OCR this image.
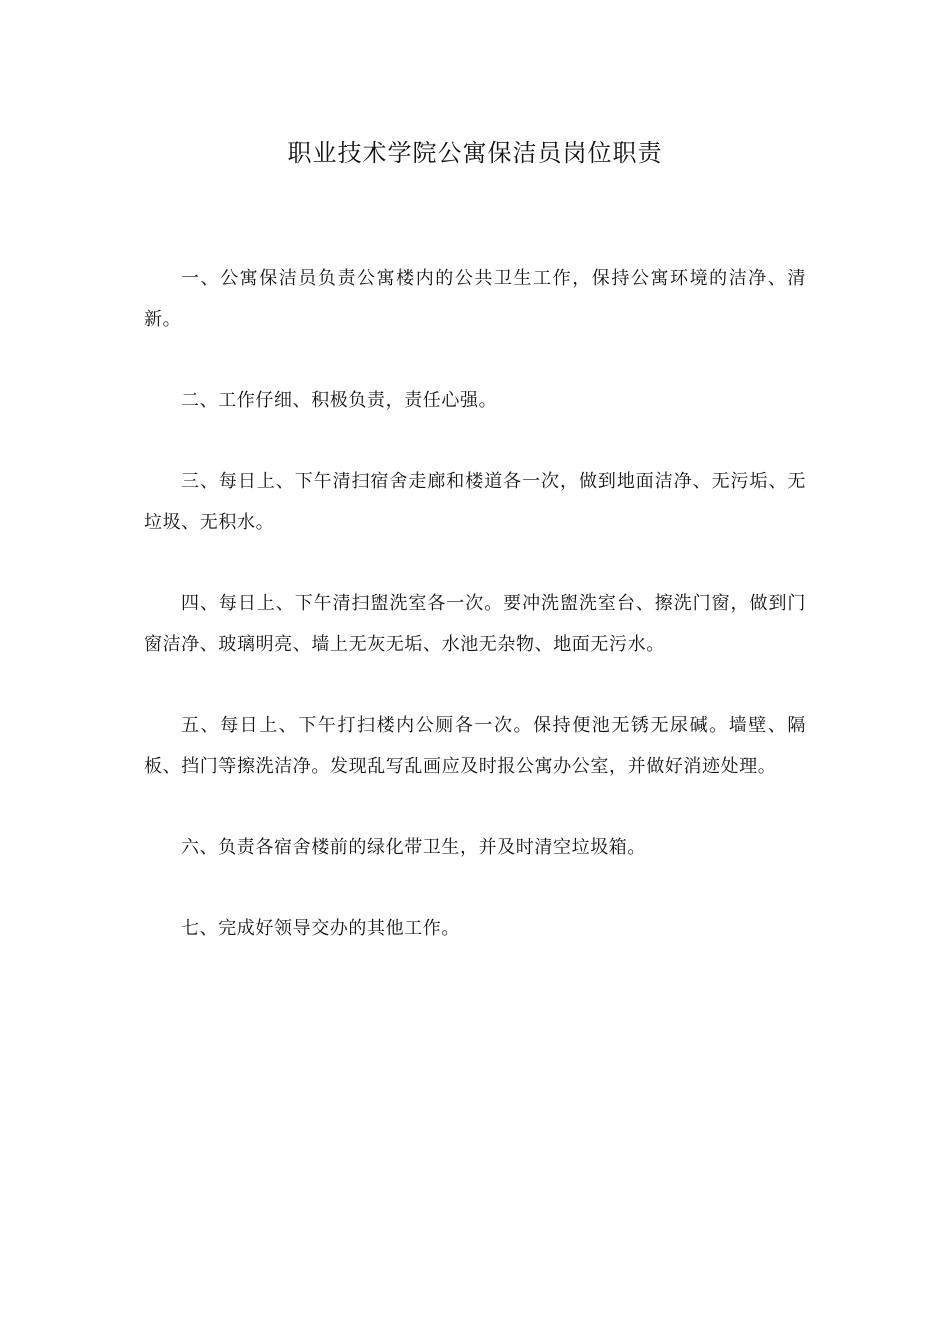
职业技术学院公寓保洁员岗位职责

一、公寓保洁员负责公寓楼内的公共卫生工作，保持公寓环境的洁净、清新。

二、工作仔细、积极负责，责任心强。

三、每日上、下午清扫宿舍走廊和楼道各一次，做到地面洁净、无污垢、无垃圾、无积水。

四、每日上、下午清扫盥洗室各一次。要冲洗盥洗室台、擦洗门窗，做到门窗洁净、玻璃明亮、墙上无灰无垢、水池无杂物、地面无污水。

五、每日上、下午打扫楼内公厕各一次。保持便池无锈无尿碱。墙壁、隔板、挡门等擦洗洁净。发现乱写乱画应及时报公寓办公室，并做好消迹处理。

六、负责各宿舍楼前的绿化带卫生，并及时清空垃圾箱。

七、完成好领导交办的其他工作。
